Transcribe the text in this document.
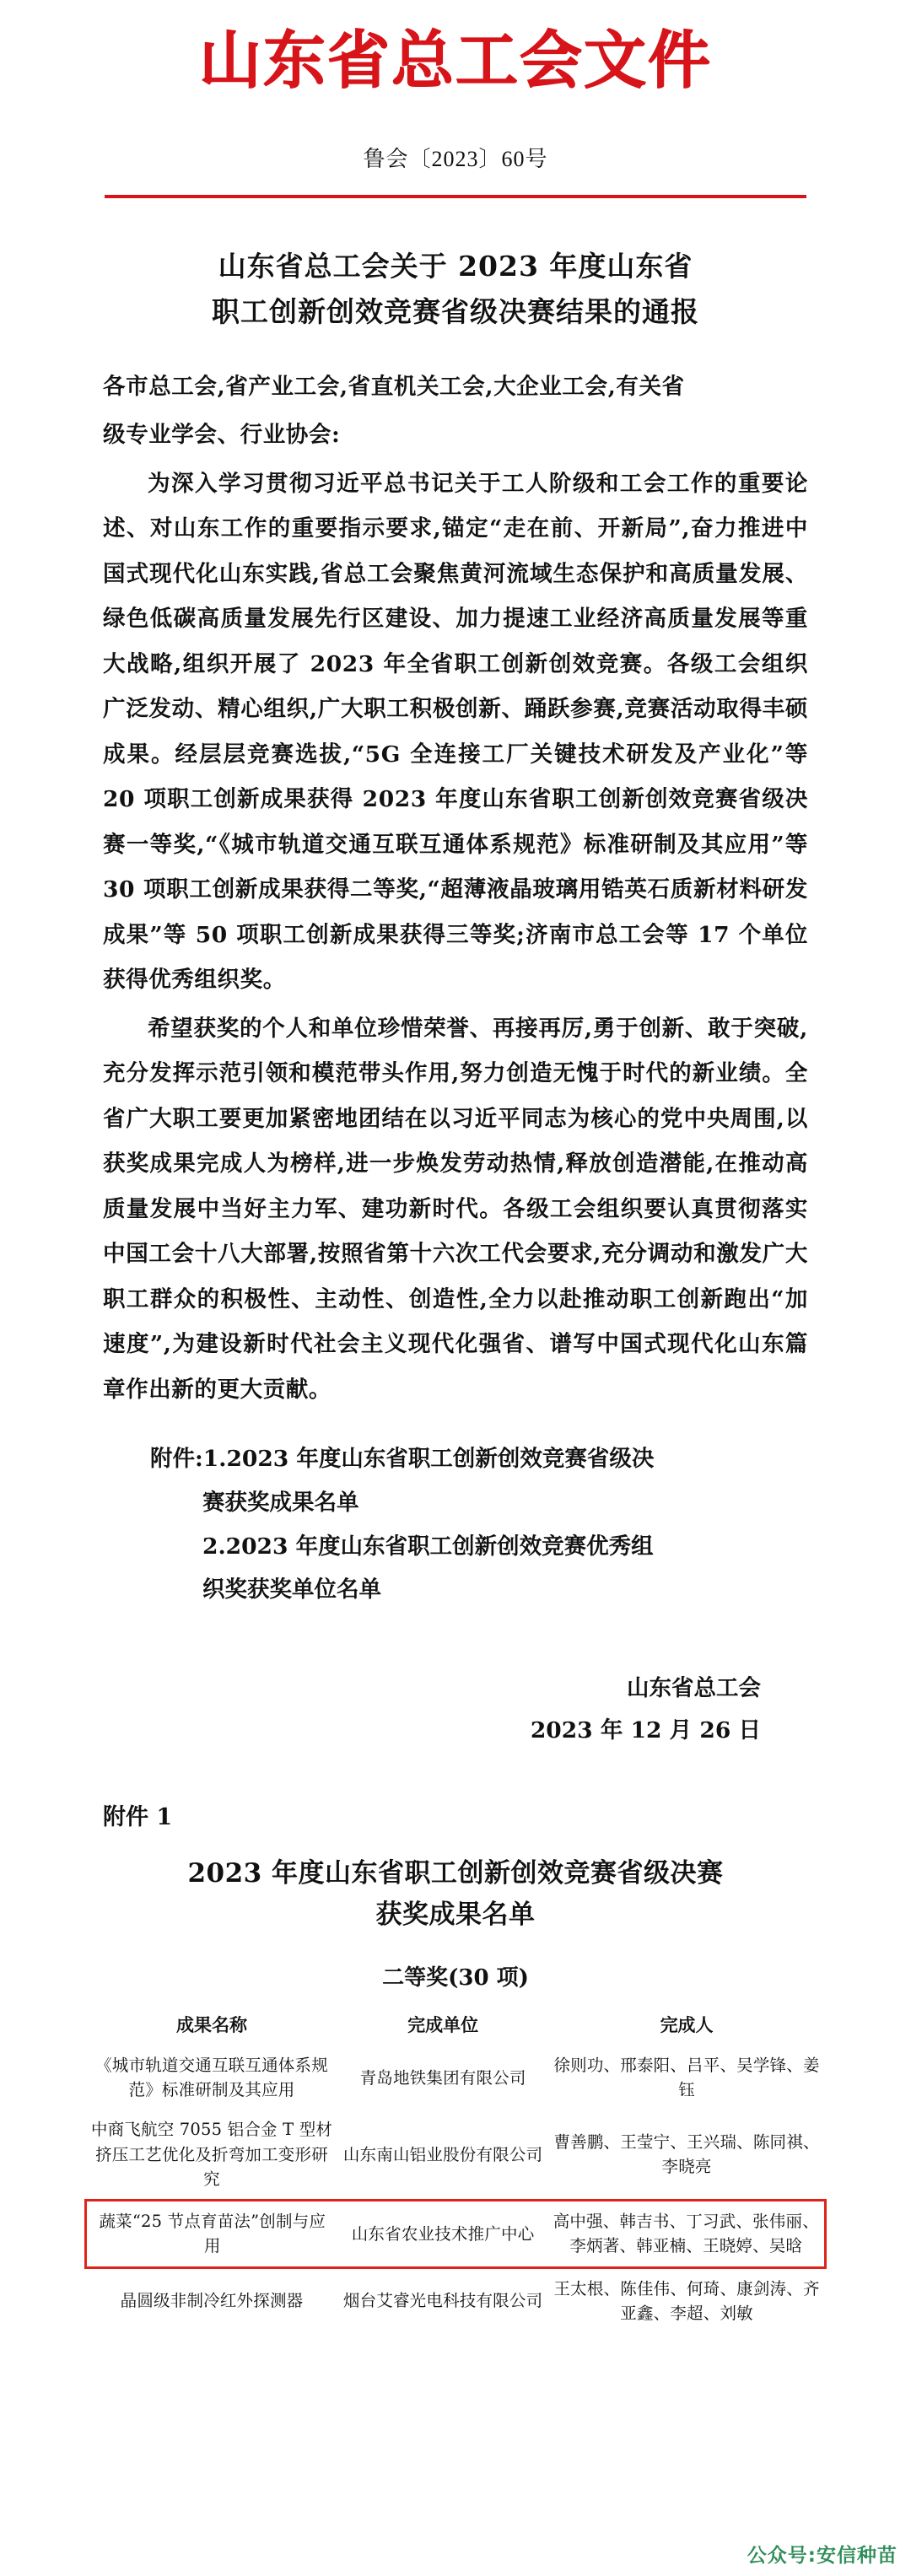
山东省总工会文件
鲁会〔2023〕60号
山东省总工会关于 2023 年度山东省
职工创新创效竞赛省级决赛结果的通报

各市总工会,省产业工会,省直机关工会,大企业工会,有关省

级专业学会、行业协会:

为深入学习贯彻习近平总书记关于工人阶级和工会工作的重要论述、对山东工作的重要指示要求,锚定“走在前、开新局”,奋力推进中国式现代化山东实践,省总工会聚焦黄河流域生态保护和高质量发展、绿色低碳高质量发展先行区建设、加力提速工业经济高质量发展等重大战略,组织开展了 2023 年全省职工创新创效竞赛。各级工会组织广泛发动、精心组织,广大职工积极创新、踊跃参赛,竞赛活动取得丰硕成果。经层层竞赛选拔,“5G 全连接工厂关键技术研发及产业化”等 20 项职工创新成果获得 2023 年度山东省职工创新创效竞赛省级决赛一等奖,“《城市轨道交通互联互通体系规范》标准研制及其应用”等 30 项职工创新成果获得二等奖,“超薄液晶玻璃用锆英石质新材料研发成果”等 50 项职工创新成果获得三等奖;济南市总工会等 17 个单位获得优秀组织奖。

希望获奖的个人和单位珍惜荣誉、再接再厉,勇于创新、敢于突破,充分发挥示范引领和模范带头作用,努力创造无愧于时代的新业绩。全省广大职工要更加紧密地团结在以习近平同志为核心的党中央周围,以获奖成果完成人为榜样,进一步焕发劳动热情,释放创造潜能,在推动高质量发展中当好主力军、建功新时代。各级工会组织要认真贯彻落实中国工会十八大部署,按照省第十六次工代会要求,充分调动和激发广大职工群众的积极性、主动性、创造性,全力以赴推动职工创新跑出“加速度”,为建设新时代社会主义现代化强省、谱写中国式现代化山东篇章作出新的更大贡献。

附件:1.2023 年度山东省职工创新创效竞赛省级决
赛获奖成果名单
2.2023 年度山东省职工创新创效竞赛优秀组
织奖获奖单位名单
山东省总工会
2023 年 12 月 26 日
附件 1
2023 年度山东省职工创新创效竞赛省级决赛
获奖成果名单
二等奖(30 项)
成果名称	完成单位	完成人
《城市轨道交通互联互通体系规范》标准研制及其应用	青岛地铁集团有限公司	徐则功、邢泰阳、吕平、吴学锋、姜钰
中商飞航空 7055 铝合金 T 型材挤压工艺优化及折弯加工变形研究	山东南山铝业股份有限公司	曹善鹏、王莹宁、王兴瑞、陈同祺、李晓亮
蔬菜“25 节点育苗法”创制与应用	山东省农业技术推广中心	高中强、韩吉书、丁习武、张伟丽、李炳著、韩亚楠、王晓婷、吴晗
晶圆级非制冷红外探测器	烟台艾睿光电科技有限公司	王太根、陈佳伟、何琦、康剑涛、齐亚鑫、李超、刘敏
公众号:安信种苗
